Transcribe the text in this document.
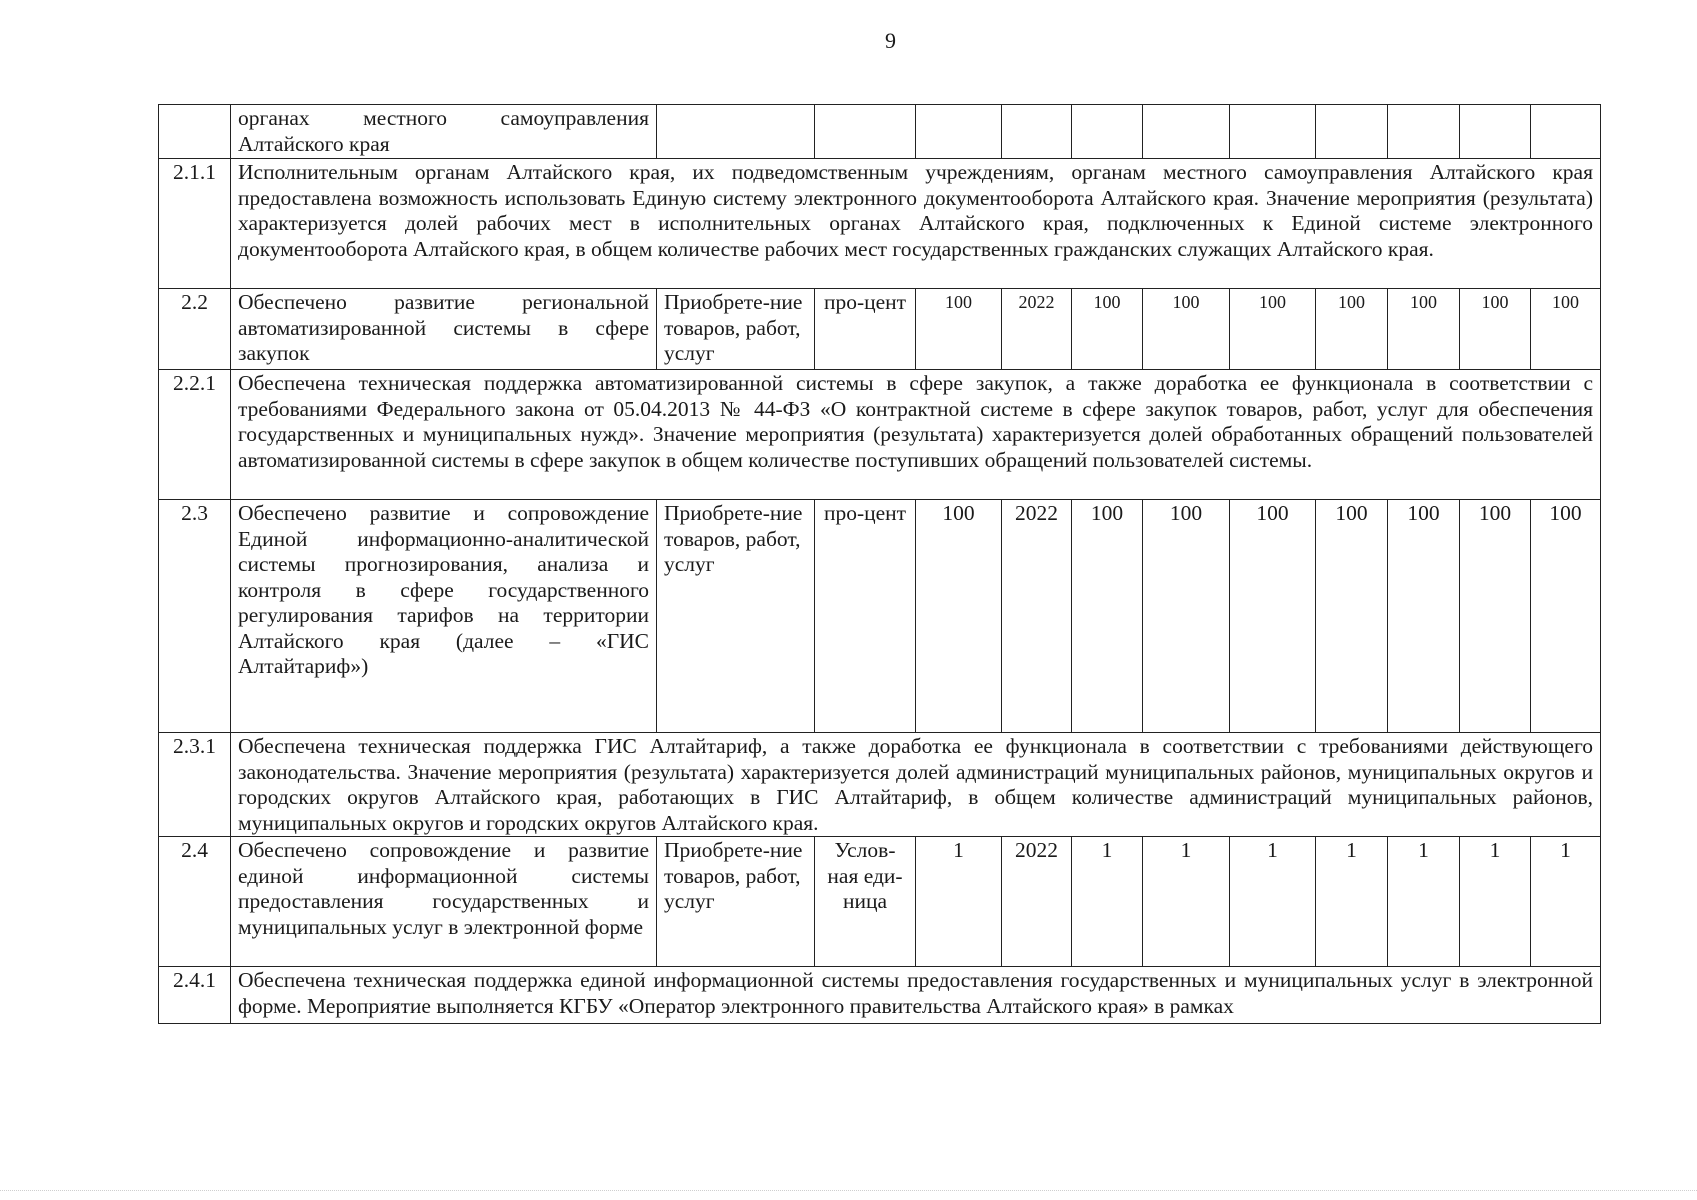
9
	органах местного самоуправления Алтайского края											
2.1.1	Исполнительным органам Алтайского края, их подведомственным учреждениям, органам местного самоуправления Алтайского края предоставлена возможность использовать Единую систему электронного документооборота Алтайского края. Значение мероприятия (результата) характеризуется долей рабочих мест в исполнительных органах Алтайского края, подключенных к Единой системе электронного документооборота Алтайского края, в общем количестве рабочих мест государственных гражданских служащих Алтайского края.											
2.2	Обеспечено развитие региональной автоматизированной системы в сфере закупок	Приобрете-ние товаров, работ, услуг	про-цент	100	2022	100	100	100	100	100	100	100
2.2.1	Обеспечена техническая поддержка автоматизированной системы в сфере закупок, а также доработка ее функционала в соответствии с требованиями Федерального закона от 05.04.2013 № 44-ФЗ «О контрактной системе в сфере закупок товаров, работ, услуг для обеспечения государственных и муниципальных нужд». Значение мероприятия (результата) характеризуется долей обработанных обращений пользователей автоматизированной системы в сфере закупок в общем количестве поступивших обращений пользователей системы.											
2.3	Обеспечено развитие и сопровождение Единой информационно-аналитической системы прогнозирования, анализа и контроля в сфере государственного регулирования тарифов на территории Алтайского края (далее – «ГИС Алтайтариф»)	Приобрете-ние товаров, работ, услуг	про-цент	100	2022	100	100	100	100	100	100	100
2.3.1	Обеспечена техническая поддержка ГИС Алтайтариф, а также доработка ее функционала в соответствии с требованиями действующего законодательства. Значение мероприятия (результата) характеризуется долей администраций муниципальных районов, муниципальных округов и городских округов Алтайского края, работающих в ГИС Алтайтариф, в общем количестве администраций муниципальных районов, муниципальных округов и городских округов Алтайского края.											
2.4	Обеспечено сопровождение и развитие единой информационной системы предоставления государственных и муниципальных услуг в электронной форме	Приобрете-ние товаров, работ, услуг	Услов-ная еди-ница	1	2022	1	1	1	1	1	1	1
2.4.1	Обеспечена техническая поддержка единой информационной системы предоставления государственных и муниципальных услуг в электронной форме. Мероприятие выполняется КГБУ «Оператор электронного правительства Алтайского края» в рамках											
